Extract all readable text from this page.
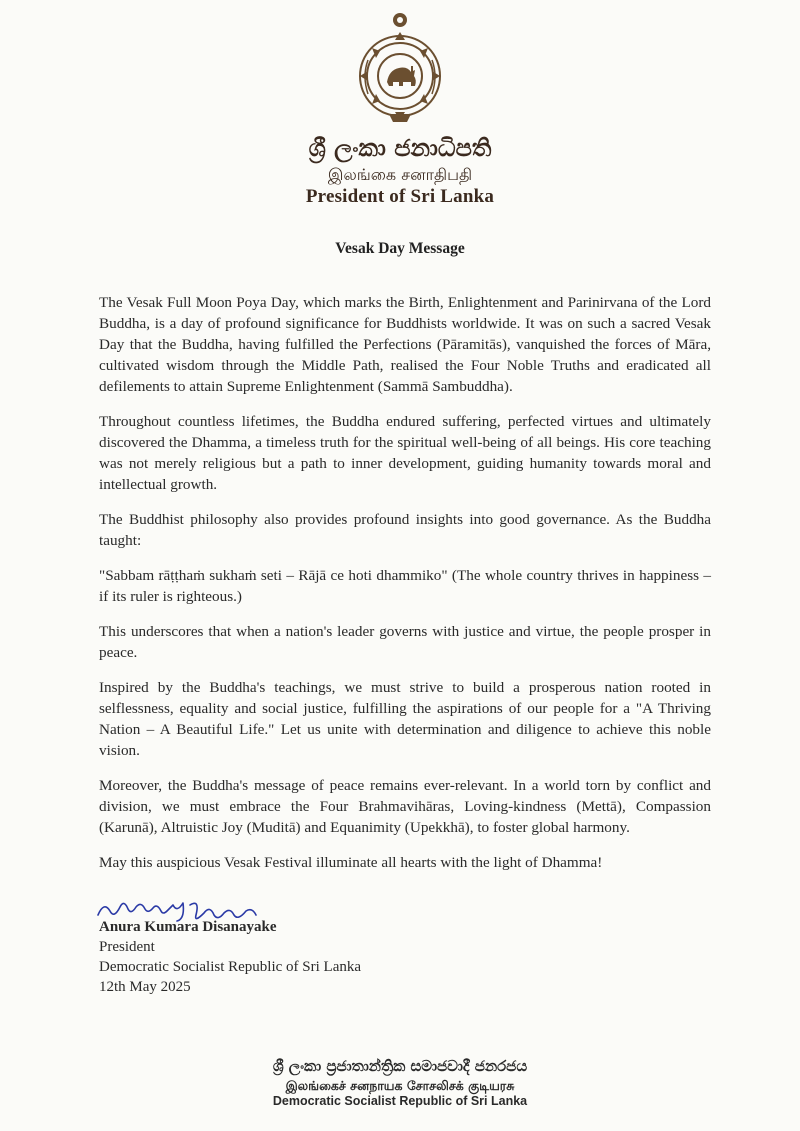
ශ්‍රී ලංකා ජනාධිපති
இலங்கை சனாதிபதி
President of Sri Lanka
Vesak Day Message

The Vesak Full Moon Poya Day, which marks the Birth, Enlightenment and Parinirvana of the Lord Buddha, is a day of profound significance for Buddhists worldwide. It was on such a sacred Vesak Day that the Buddha, having fulfilled the Perfections (Pāramitās), vanquished the forces of Māra, cultivated wisdom through the Middle Path, realised the Four Noble Truths and eradicated all defilements to attain Supreme Enlightenment (Sammā Sambuddha).

Throughout countless lifetimes, the Buddha endured suffering, perfected virtues and ultimately discovered the Dhamma, a timeless truth for the spiritual well-being of all beings. His core teaching was not merely religious but a path to inner development, guiding humanity towards moral and intellectual growth.

The Buddhist philosophy also provides profound insights into good governance. As the Buddha taught:

"Sabbam rāṭṭhaṁ sukhaṁ seti – Rājā ce hoti dhammiko" (The whole country thrives in happiness – if its ruler is righteous.)

This underscores that when a nation's leader governs with justice and virtue, the people prosper in peace.

Inspired by the Buddha's teachings, we must strive to build a prosperous nation rooted in selflessness, equality and social justice, fulfilling the aspirations of our people for a "A Thriving Nation – A Beautiful Life." Let us unite with determination and diligence to achieve this noble vision.

Moreover, the Buddha's message of peace remains ever-relevant. In a world torn by conflict and division, we must embrace the Four Brahmavihāras, Loving-kindness (Mettā), Compassion (Karunā), Altruistic Joy (Muditā) and Equanimity (Upekkhā), to foster global harmony.

May this auspicious Vesak Festival illuminate all hearts with the light of Dhamma!

Anura Kumara Disanayake
President
Democratic Socialist Republic of Sri Lanka
12th May 2025
ශ්‍රී ලංකා ප්‍රජාතාන්ත්‍රික සමාජවාදී ජනරජය
இலங்கைச் சனநாயக சோசலிசக் குடியரசு
Democratic Socialist Republic of Sri Lanka
